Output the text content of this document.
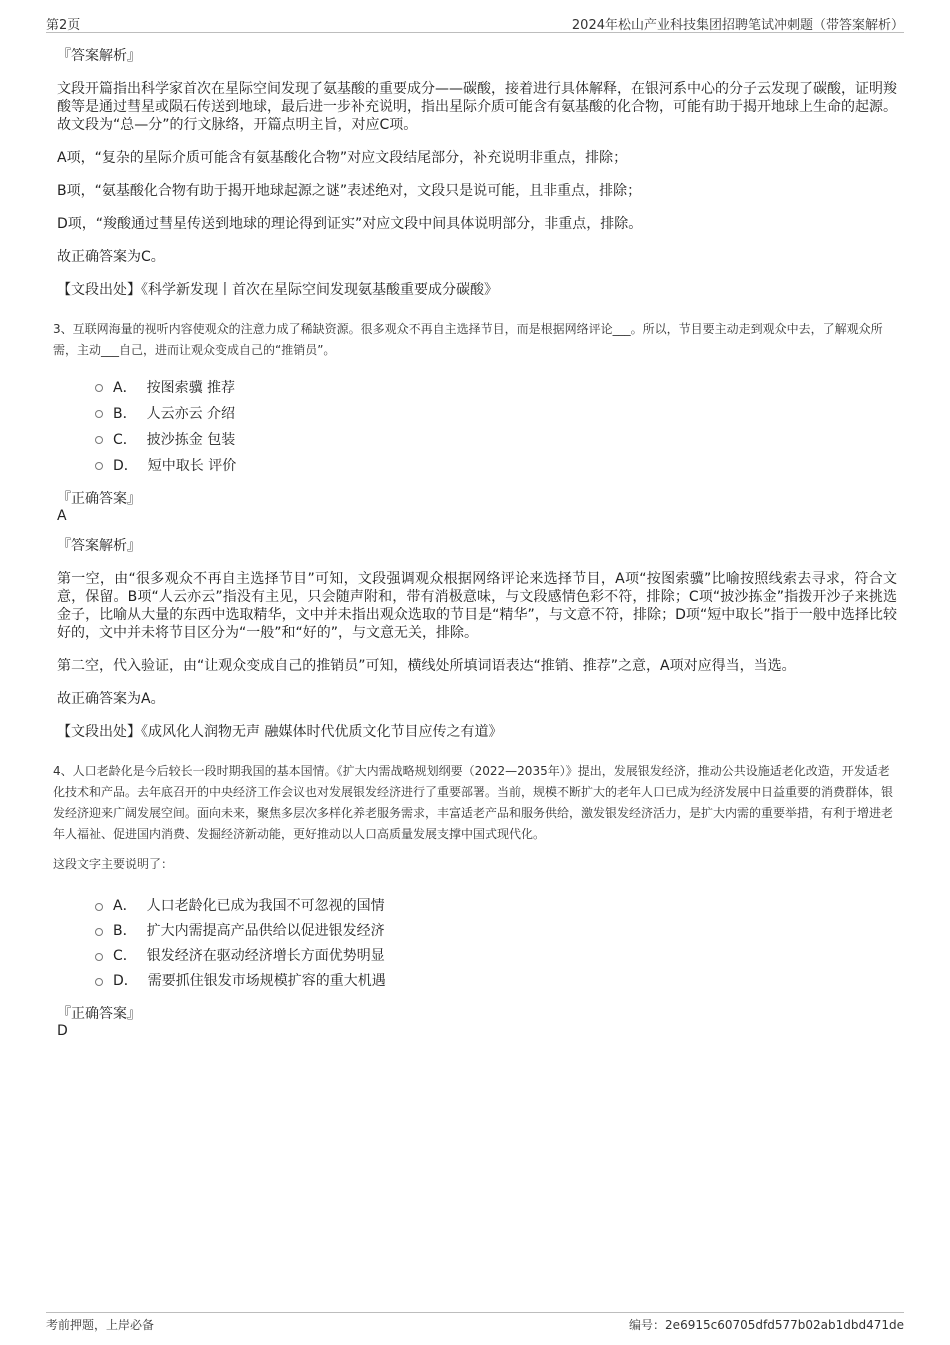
第2页	2024年松山产业科技集团招聘笔试冲刺题（带答案解析）
『答案解析』

文段开篇指出科学家首次在星际空间发现了氨基酸的重要成分——碳酸，接着进行具体解释，在银河系中心的分子云发现了碳酸，证明羧酸等是通过彗星或陨石传送到地球，最后进一步补充说明，指出星际介质可能含有氨基酸的化合物，可能有助于揭开地球上生命的起源。故文段为“总—分”的行文脉络，开篇点明主旨，对应C项。

A项，“复杂的星际介质可能含有氨基酸化合物”对应文段结尾部分，补充说明非重点，排除；

B项，“氨基酸化合物有助于揭开地球起源之谜”表述绝对，文段只是说可能，且非重点，排除；

D项，“羧酸通过彗星传送到地球的理论得到证实”对应文段中间具体说明部分，非重点，排除。

故正确答案为C。

【文段出处】《科学新发现丨首次在星际空间发现氨基酸重要成分碳酸》

3、互联网海量的视听内容使观众的注意力成了稀缺资源。很多观众不再自主选择节目，而是根据网络评论___。所以，节目要主动走到观众中去，了解观众所需，主动___自己，进而让观众变成自己的“推销员”。
A． 按图索骥 推荐
B． 人云亦云 介绍
C． 披沙拣金 包装
D． 短中取长 评价
『正确答案』
A
『答案解析』

第一空，由“很多观众不再自主选择节目”可知，文段强调观众根据网络评论来选择节目，A项“按图索骥”比喻按照线索去寻求，符合文意，保留。B项“人云亦云”指没有主见，只会随声附和，带有消极意味，与文段感情色彩不符，排除；C项“披沙拣金”指拨开沙子来挑选金子，比喻从大量的东西中选取精华，文中并未指出观众选取的节目是“精华”，与文意不符，排除；D项“短中取长”指于一般中选择比较好的，文中并未将节目区分为“一般”和“好的”，与文意无关，排除。

第二空，代入验证，由“让观众变成自己的推销员”可知，横线处所填词语表达“推销、推荐”之意，A项对应得当，当选。

故正确答案为A。

【文段出处】《成风化人润物无声 融媒体时代优质文化节目应传之有道》

4、人口老龄化是今后较长一段时期我国的基本国情。《扩大内需战略规划纲要（2022—2035年）》提出，发展银发经济，推动公共设施适老化改造，开发适老化技术和产品。去年底召开的中央经济工作会议也对发展银发经济进行了重要部署。当前，规模不断扩大的老年人口已成为经济发展中日益重要的消费群体，银发经济迎来广阔发展空间。面向未来，聚焦多层次多样化养老服务需求，丰富适老产品和服务供给，激发银发经济活力，是扩大内需的重要举措，有利于增进老年人福祉、促进国内消费、发掘经济新动能，更好推动以人口高质量发展支撑中国式现代化。
这段文字主要说明了：
A． 人口老龄化已成为我国不可忽视的国情
B． 扩大内需提高产品供给以促进银发经济
C． 银发经济在驱动经济增长方面优势明显
D． 需要抓住银发市场规模扩容的重大机遇
『正确答案』
D
考前押题，上岸必备	编号：2e6915c60705dfd577b02ab1dbd471de
